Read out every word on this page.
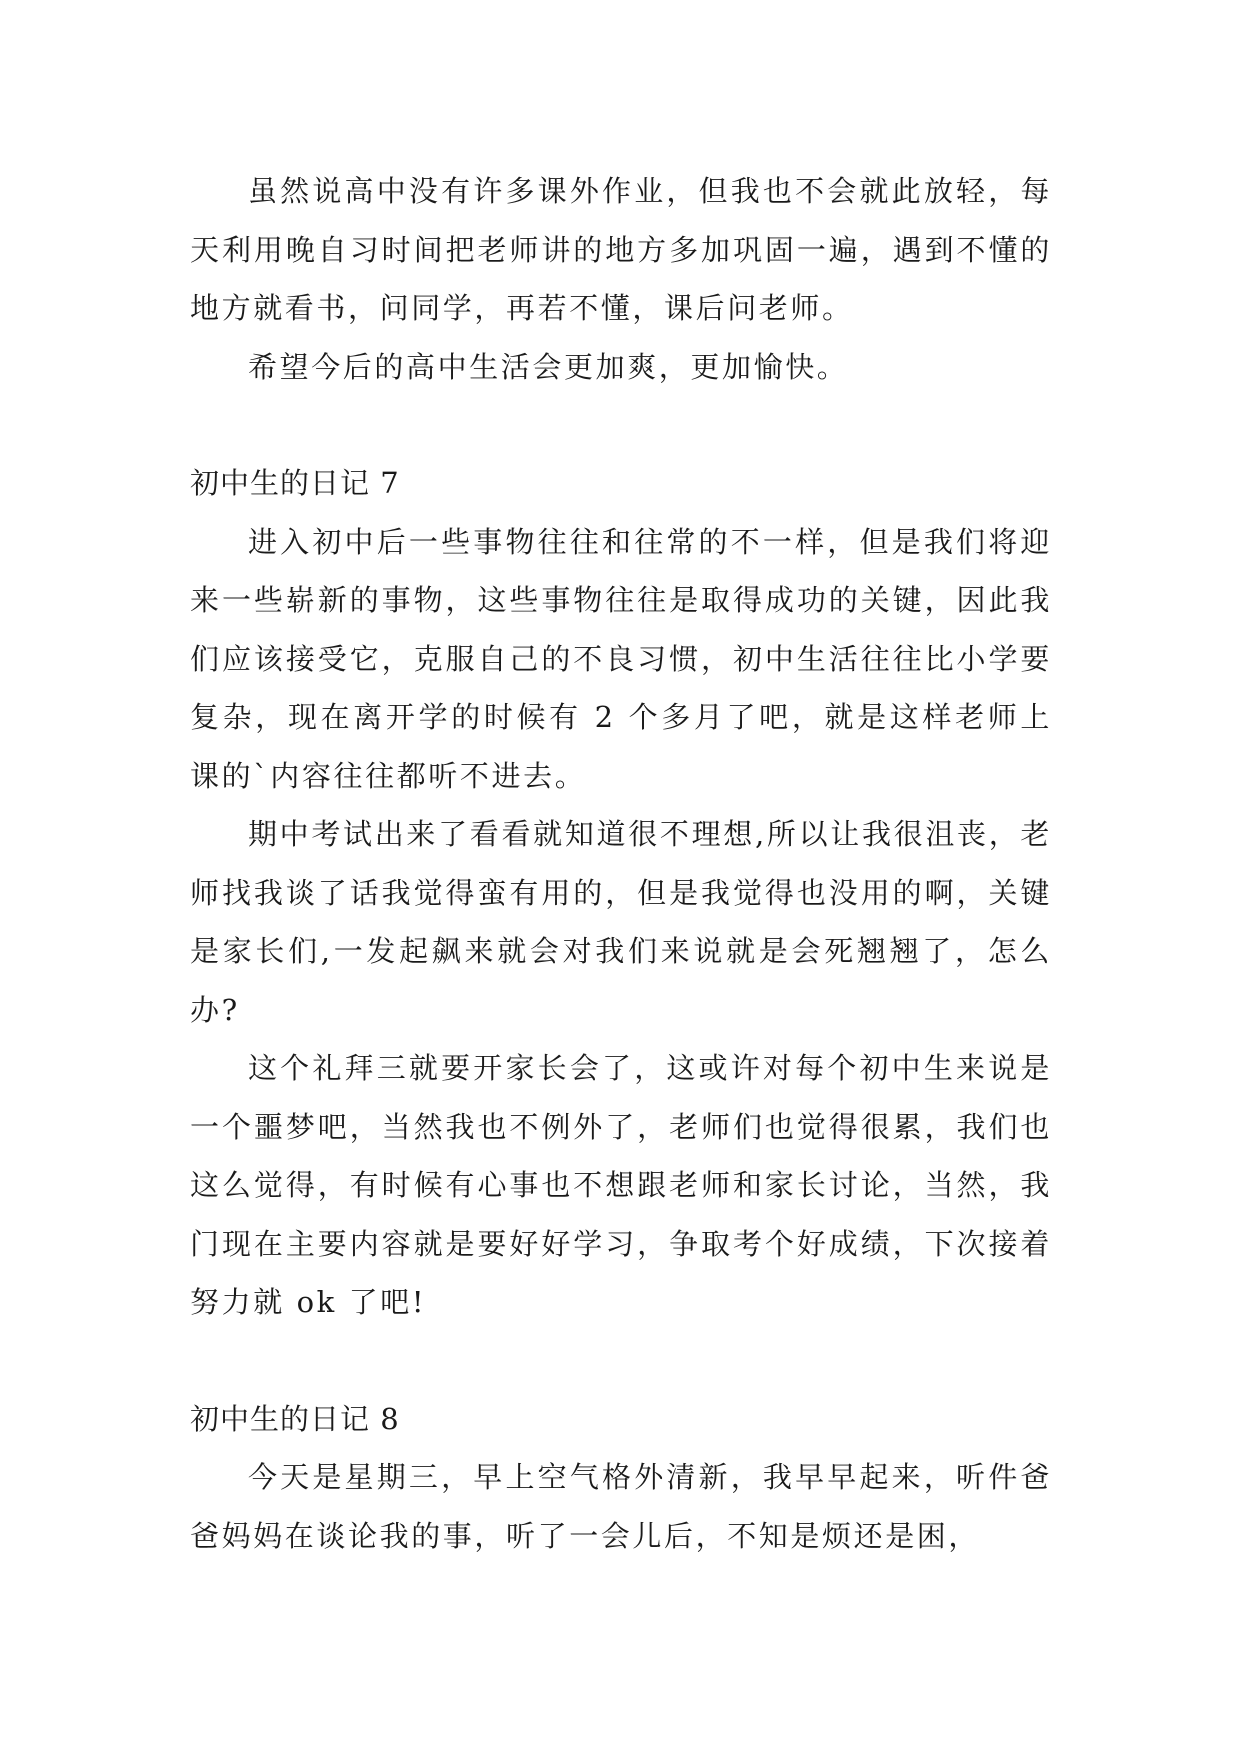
虽然说高中没有许多课外作业，但我也不会就此放轻，每天利用晚自习时间把老师讲的地方多加巩固一遍，遇到不懂的地方就看书，问同学，再若不懂，课后问老师。

希望今后的高中生活会更加爽，更加愉快。

初中生的日记 7

进入初中后一些事物往往和往常的不一样，但是我们将迎来一些崭新的事物，这些事物往往是取得成功的关键，因此我们应该接受它，克服自己的不良习惯，初中生活往往比小学要复杂，现在离开学的时候有 2 个多月了吧，就是这样老师上课的`内容往往都听不进去。

期中考试出来了看看就知道很不理想,所以让我很沮丧，老师找我谈了话我觉得蛮有用的，但是我觉得也没用的啊，关键是家长们,一发起飙来就会对我们来说就是会死翘翘了，怎么办?

这个礼拜三就要开家长会了，这或许对每个初中生来说是一个噩梦吧，当然我也不例外了，老师们也觉得很累，我们也这么觉得，有时候有心事也不想跟老师和家长讨论，当然，我门现在主要内容就是要好好学习，争取考个好成绩，下次接着努力就 ok 了吧!

初中生的日记 8

今天是星期三，早上空气格外清新，我早早起来，听件爸爸妈妈在谈论我的事，听了一会儿后，不知是烦还是困，
